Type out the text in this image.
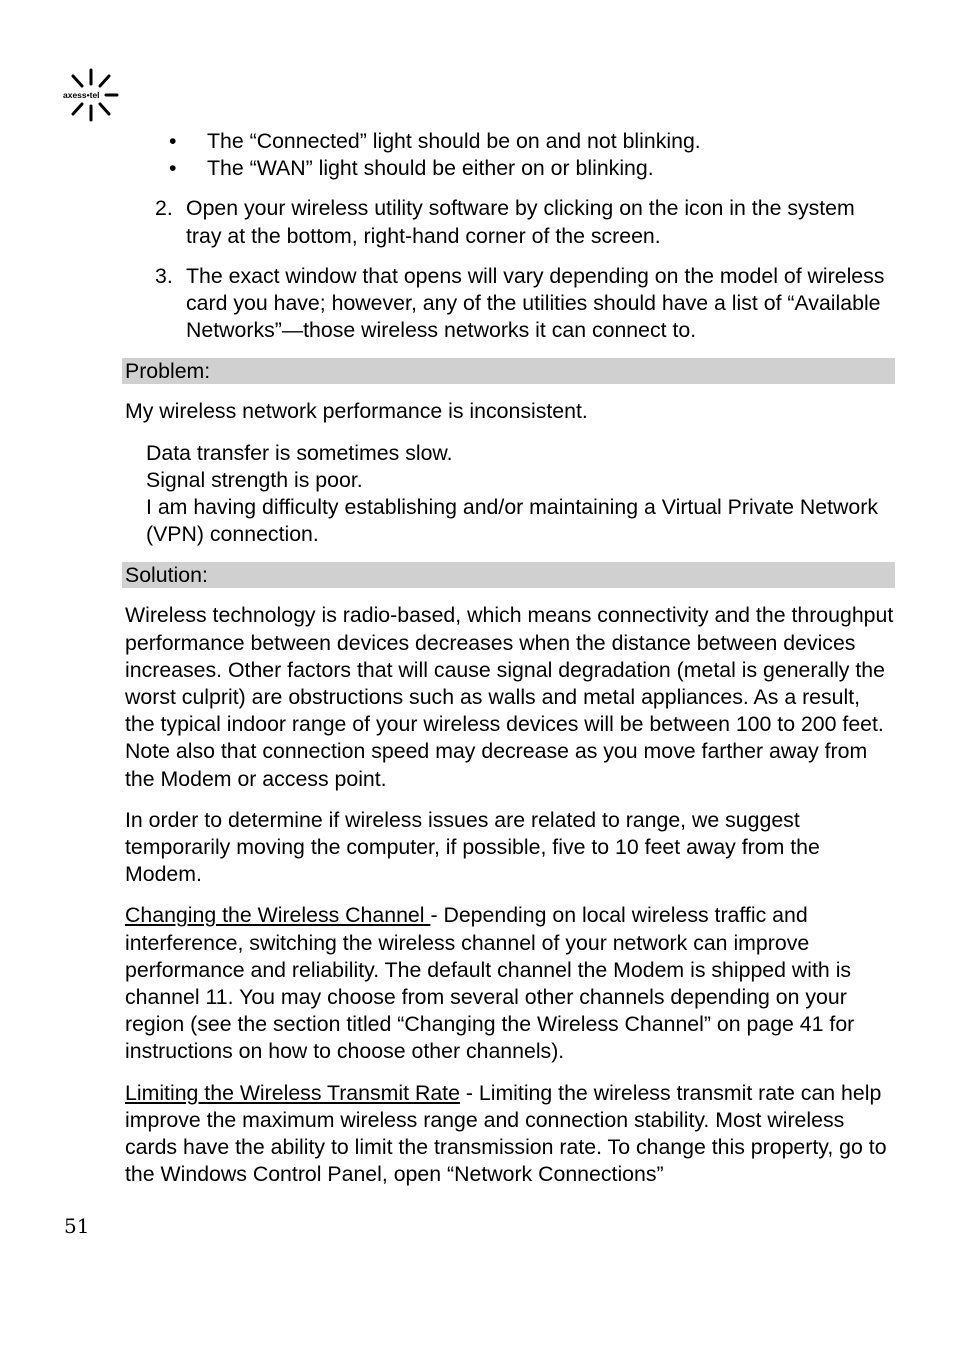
axess•tel
• The “Connected” light should be on and not blinking.
• The “WAN” light should be either on or blinking.
2. Open your wireless utility software by clicking on the icon in the system tray at the bottom, right-hand corner of the screen.
3. The exact window that opens will vary depending on the model of wireless card you have; however, any of the utilities should have a list of “Available Networks”—those wireless networks it can connect to.
Problem:

My wireless network performance is inconsistent.

Data transfer is sometimes slow.
Signal strength is poor.
I am having difficulty establishing and/or maintaining a Virtual Private Network (VPN) connection.
Solution:

Wireless technology is radio-based, which means connectivity and the throughput performance between devices decreases when the distance between devices increases. Other factors that will cause signal degradation (metal is generally the worst culprit) are obstructions such as walls and metal appliances. As a result, the typical indoor range of your wireless devices will be between 100 to 200 feet. Note also that connection speed may decrease as you move farther away from the Modem or access point.

In order to determine if wireless issues are related to range, we suggest temporarily moving the computer, if possible, five to 10 feet away from the Modem.

Changing the Wireless Channel - Depending on local wireless traffic and interference, switching the wireless channel of your network can improve performance and reliability. The default channel the Modem is shipped with is channel 11. You may choose from several other channels depending on your region (see the section titled “Changing the Wireless Channel” on page 41 for instructions on how to choose other channels).

Limiting the Wireless Transmit Rate - Limiting the wireless transmit rate can help improve the maximum wireless range and connection stability. Most wireless cards have the ability to limit the transmission rate. To change this property, go to the Windows Control Panel, open “Network Connections”

51
